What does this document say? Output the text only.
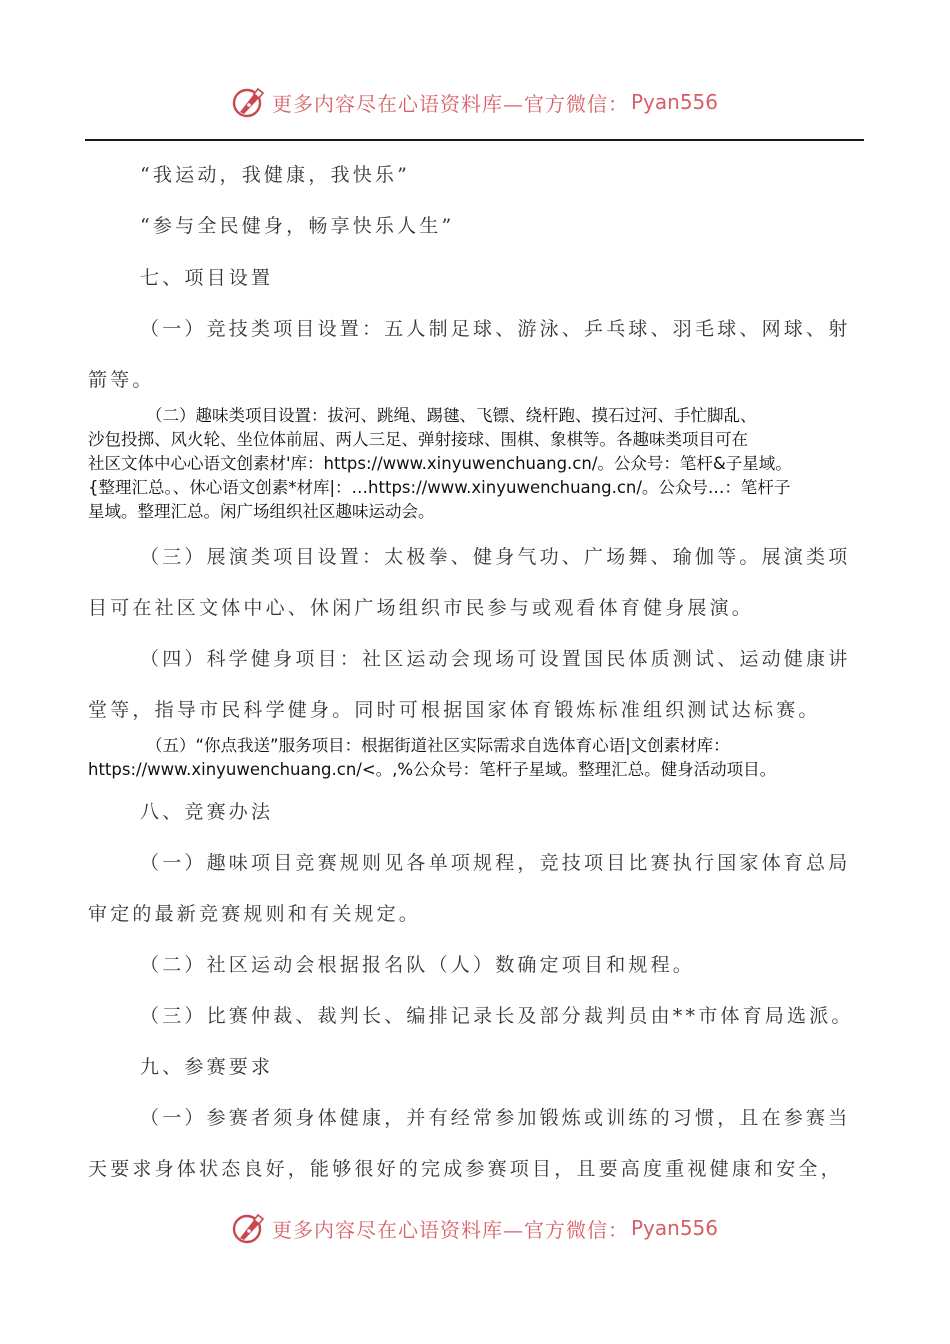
更多内容尽在心语资料库—官方微信： Pyan556
“我运动，我健康，我快乐”
“参与全民健身，畅享快乐人生”
七、项目设置
（一）竞技类项目设置：五人制足球、游泳、乒乓球、羽毛球、网球、射
箭等。
（二）趣味类项目设置：拔河、跳绳、踢毽、飞镖、绕杆跑、摸石过河、手忙脚乱、
沙包投掷、风火轮、坐位体前屈、两人三足、弹射接球、围棋、象棋等。各趣味类项目可在
社区文体中心心语文创素材'库：https://www.xinyuwenchuang.cn/。公众号：笔杆&子星域。
{整理汇总。、休心语文创素*材库|：…https://www.xinyuwenchuang.cn/。公众号…：笔杆子
星域。整理汇总。闲广场组织社区趣味运动会。
（三）展演类项目设置：太极拳、健身气功、广场舞、瑜伽等。展演类项
目可在社区文体中心、休闲广场组织市民参与或观看体育健身展演。
（四）科学健身项目：社区运动会现场可设置国民体质测试、运动健康讲
堂等，指导市民科学健身。同时可根据国家体育锻炼标准组织测试达标赛。
（五）“你点我送”服务项目：根据街道社区实际需求自选体育心语|文创素材库：
https://www.xinyuwenchuang.cn/<。,%公众号：笔杆子星域。整理汇总。健身活动项目。
八、竞赛办法
（一）趣味项目竞赛规则见各单项规程，竞技项目比赛执行国家体育总局
审定的最新竞赛规则和有关规定。
（二）社区运动会根据报名队（人）数确定项目和规程。
（三）比赛仲裁、裁判长、编排记录长及部分裁判员由**市体育局选派。
九、参赛要求
（一）参赛者须身体健康，并有经常参加锻炼或训练的习惯，且在参赛当
天要求身体状态良好，能够很好的完成参赛项目，且要高度重视健康和安全，
更多内容尽在心语资料库—官方微信： Pyan556
